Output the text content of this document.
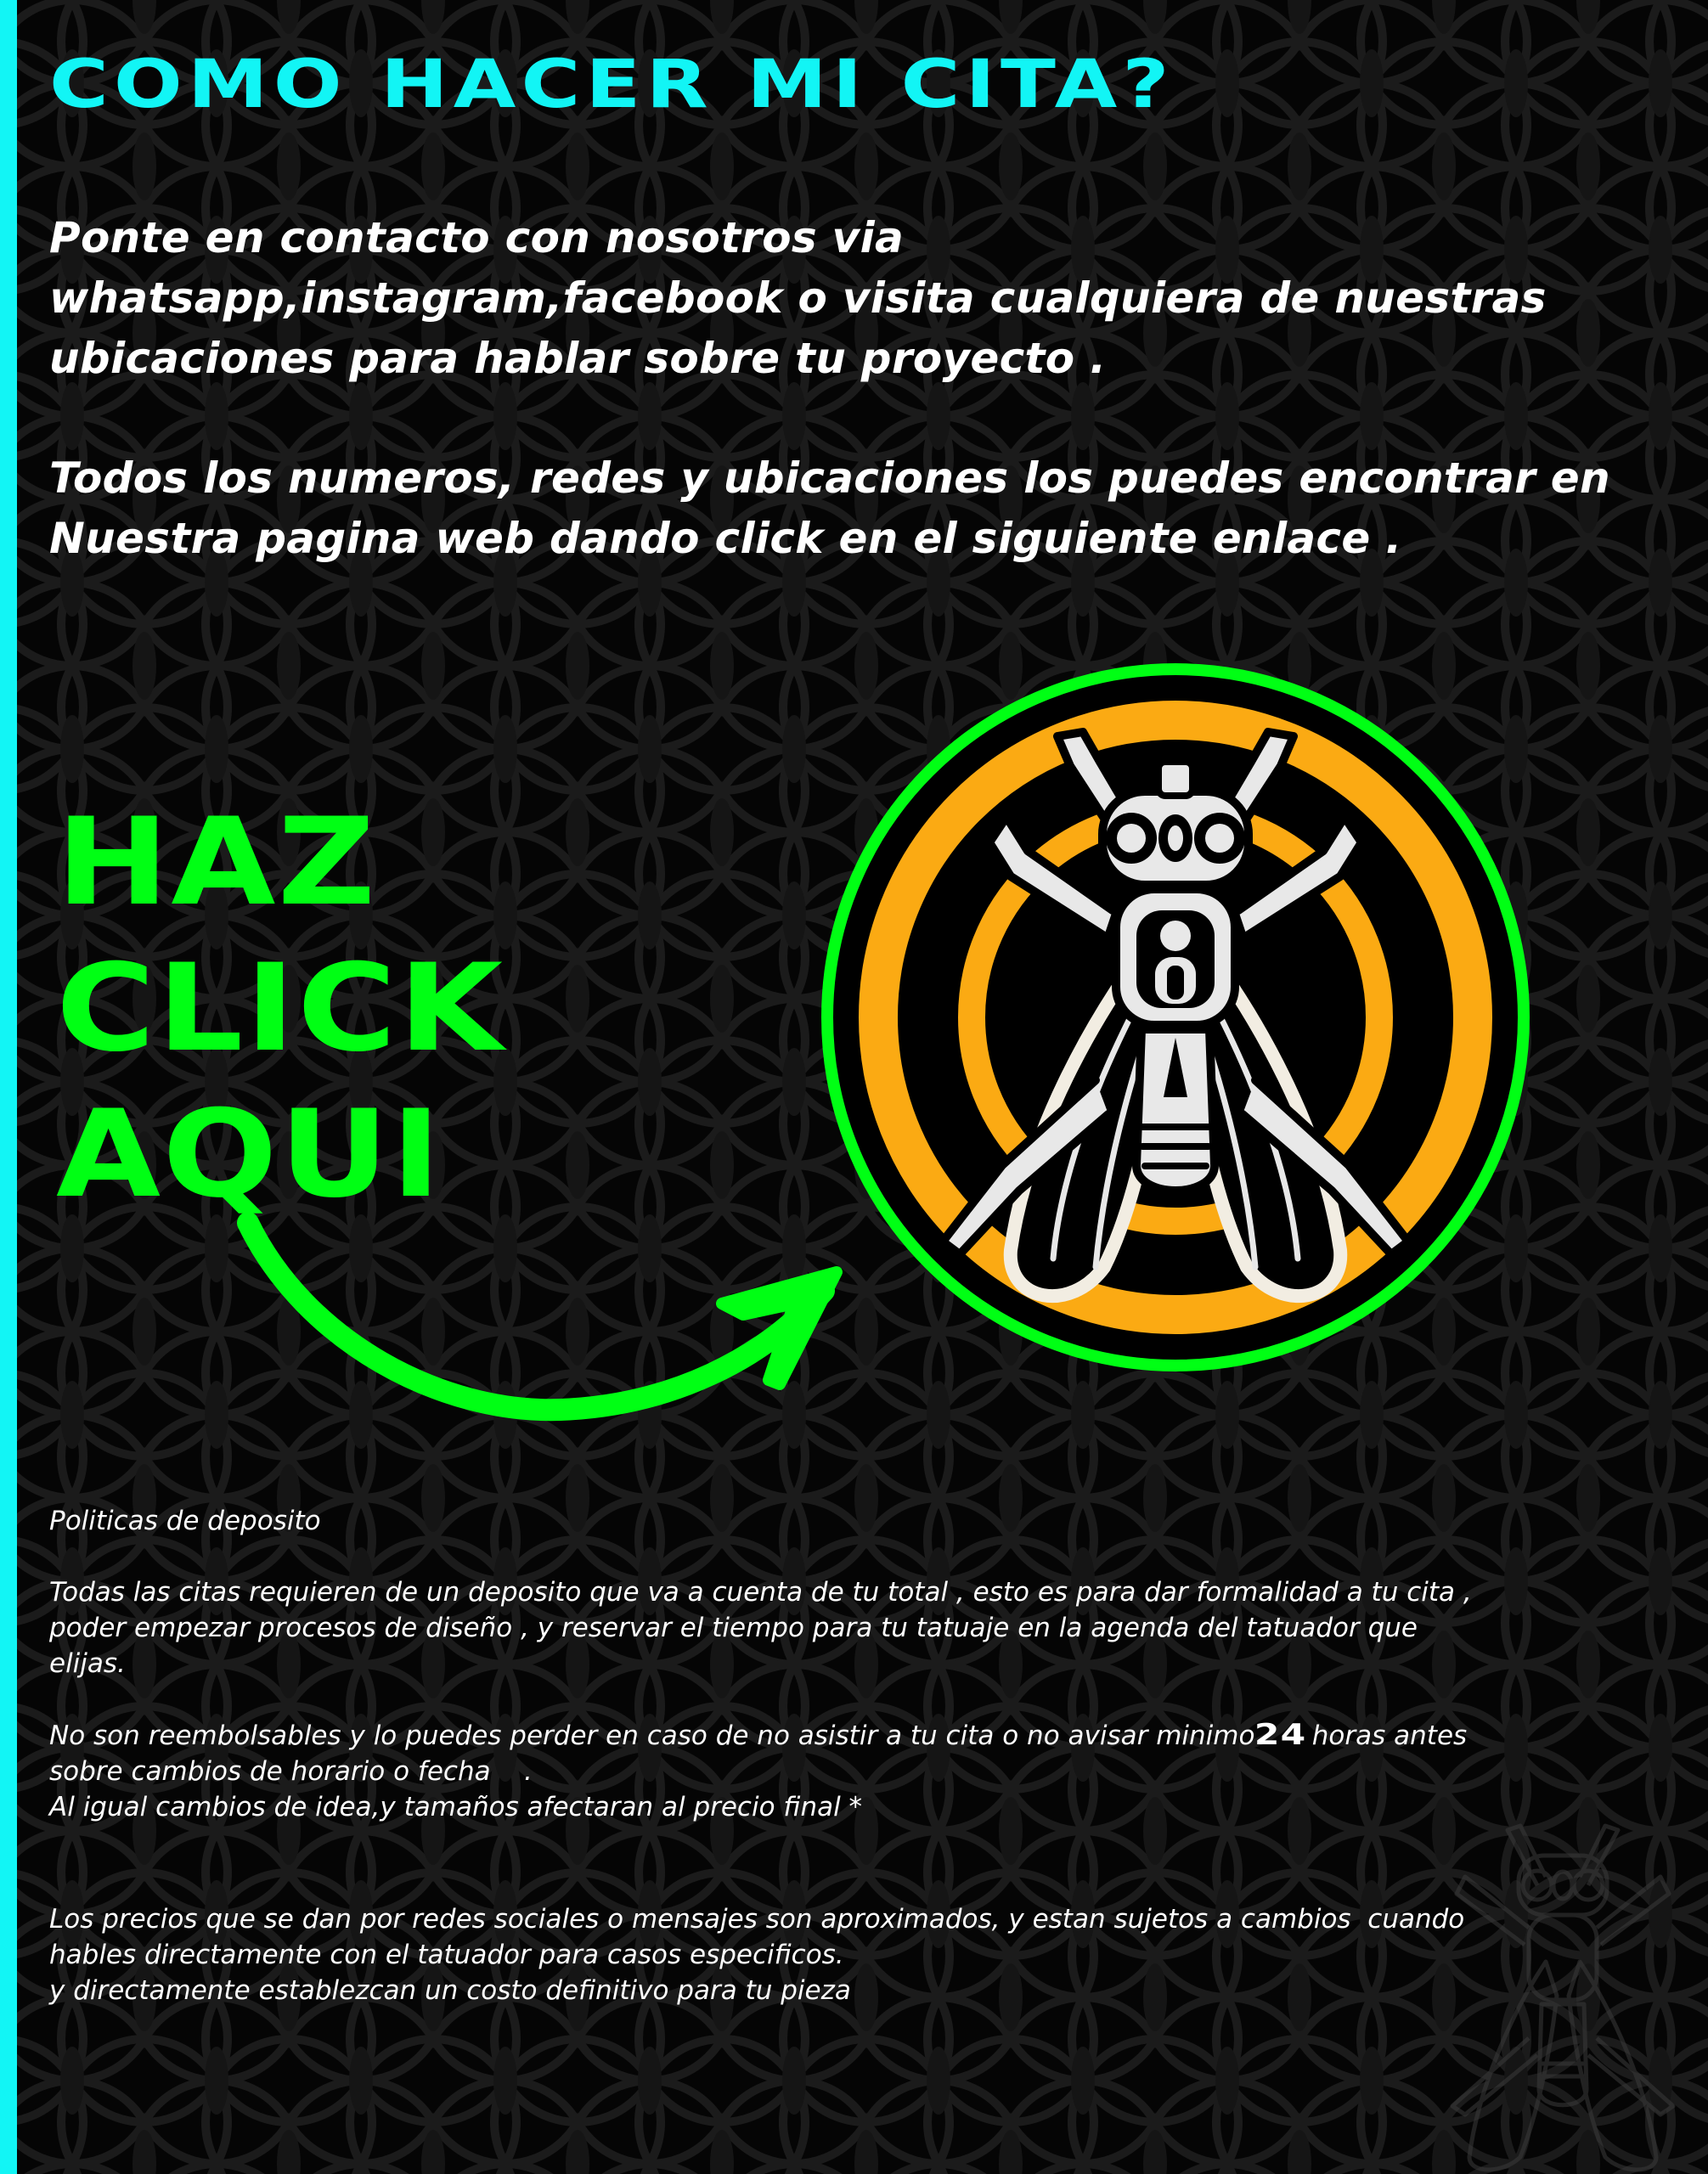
COMO HACER MI CITA?
Ponte en contacto con nosotros via
whatsapp,instagram,facebook o visita cualquiera de nuestras
ubicaciones para hablar sobre tu proyecto .
Todos los numeros, redes y ubicaciones los puedes encontrar en
Nuestra pagina web dando click en el siguiente enlace .
HAZ
CLICK
AQUI
Politicas de deposito
Todas las citas requieren de un deposito que va a cuenta de tu total , esto es para dar formalidad a tu cita ,
poder empezar procesos de diseño , y reservar el tiempo para tu tatuaje en la agenda del tatuador que
elijas.
No son reembolsables y lo puedes perder en caso de no asistir a tu cita o no avisar minimo24 horas antes
sobre cambios de horario o fecha    .
Al igual cambios de idea,y tamaños afectaran al precio final *
Los precios que se dan por redes sociales o mensajes son aproximados, y estan sujetos a cambios  cuando
hables directamente con el tatuador para casos especificos.
y directamente establezcan un costo definitivo para tu pieza
